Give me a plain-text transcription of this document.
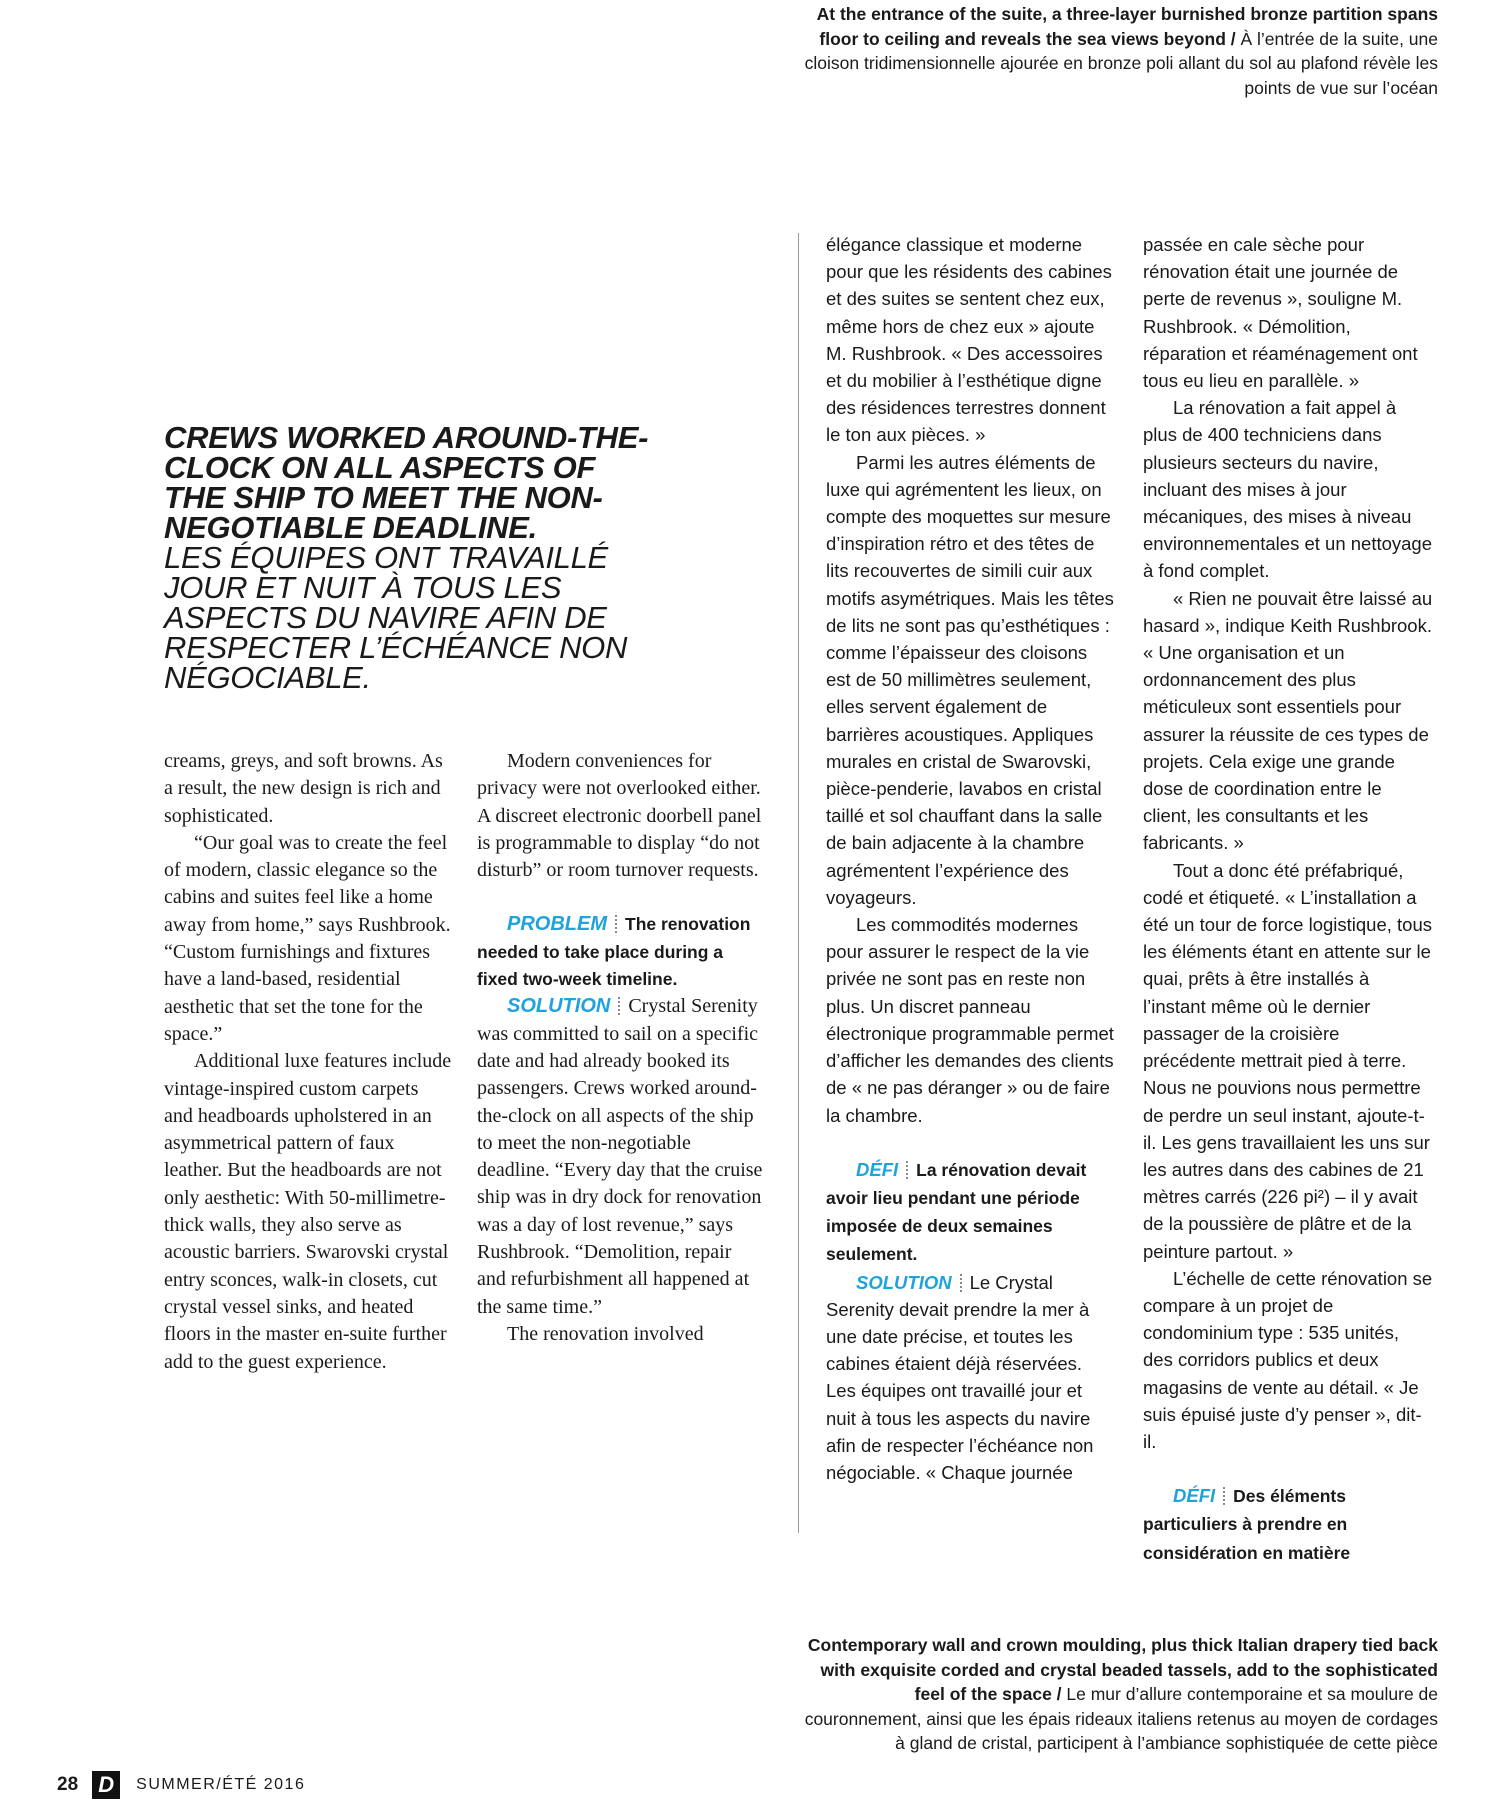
At the entrance of the suite, a three-layer burnished bronze partition spans floor to ceiling and reveals the sea views beyond / À l’entrée de la suite, une cloison tridimensionnelle ajourée en bronze poli allant du sol au plafond révèle les points de vue sur l’océan
CREWS WORKED AROUND-THE-CLOCK ON ALL ASPECTS OF THE SHIP TO MEET THE NON-NEGOTIABLE DEADLINE.
LES ÉQUIPES ONT TRAVAILLÉ JOUR ET NUIT À TOUS LES ASPECTS DU NAVIRE AFIN DE RESPECTER L’ÉCHÉANCE NON NÉGOCIABLE.

creams, greys, and soft browns. As a result, the new design is rich and sophisticated.

“Our goal was to create the feel of modern, classic elegance so the cabins and suites feel like a home away from home,” says Rushbrook. “Custom furnishings and fixtures have a land-based, residential aesthetic that set the tone for the space.”

Additional luxe features include vintage-inspired custom carpets and headboards upholstered in an asymmetrical pattern of faux leather. But the headboards are not only aesthetic: With 50-millimetre-thick walls, they also serve as acoustic barriers. Swarovski crystal entry sconces, walk-in closets, cut crystal vessel sinks, and heated floors in the master en-suite further add to the guest experience.

Modern conveniences for privacy were not overlooked either. A discreet electronic doorbell panel is programmable to display “do not disturb” or room turnover requests.

PROBLEM The renovation needed to take place during a fixed two-week timeline.

SOLUTION Crystal Serenity was committed to sail on a specific date and had already booked its passengers. Crews worked around-the-clock on all aspects of the ship to meet the non-negotiable deadline. “Every day that the cruise ship was in dry dock for renovation was a day of lost revenue,” says Rushbrook. “Demolition, repair and refurbishment all happened at the same time.”

The renovation involved

élégance classique et moderne pour que les résidents des cabines et des suites se sentent chez eux, même hors de chez eux » ajoute M. Rushbrook. « Des accessoires et du mobilier à l’esthétique digne des résidences terrestres donnent le ton aux pièces. »

Parmi les autres éléments de luxe qui agrémentent les lieux, on compte des moquettes sur mesure d’inspiration rétro et des têtes de lits recouvertes de simili cuir aux motifs asymétriques. Mais les têtes de lits ne sont pas qu’esthétiques : comme l’épaisseur des cloisons est de 50 millimètres seulement, elles servent également de barrières acoustiques. Appliques murales en cristal de Swarovski, pièce-penderie, lavabos en cristal taillé et sol chauffant dans la salle de bain adjacente à la chambre agrémentent l’expérience des voyageurs.

Les commodités modernes pour assurer le respect de la vie privée ne sont pas en reste non plus. Un discret panneau électronique programmable permet d’afficher les demandes des clients de « ne pas déranger » ou de faire la chambre.

DÉFI La rénovation devait avoir lieu pendant une période imposée de deux semaines seulement.

SOLUTION Le Crystal Serenity devait prendre la mer à une date précise, et toutes les cabines étaient déjà réservées. Les équipes ont travaillé jour et nuit à tous les aspects du navire afin de respecter l’échéance non négociable. « Chaque journée

passée en cale sèche pour rénovation était une journée de perte de revenus », souligne M. Rushbrook. « Démolition, réparation et réaménagement ont tous eu lieu en parallèle. »

La rénovation a fait appel à plus de 400 techniciens dans plusieurs secteurs du navire, incluant des mises à jour mécaniques, des mises à niveau environnementales et un nettoyage à fond complet.

« Rien ne pouvait être laissé au hasard », indique Keith Rushbrook. « Une organisation et un ordonnancement des plus méticuleux sont essentiels pour assurer la réussite de ces types de projets. Cela exige une grande dose de coordination entre le client, les consultants et les fabricants. »

Tout a donc été préfabriqué, codé et étiqueté. « L’installation a été un tour de force logistique, tous les éléments étant en attente sur le quai, prêts à être installés à l’instant même où le dernier passager de la croisière précédente mettrait pied à terre. Nous ne pouvions nous permettre de perdre un seul instant, ajoute-t-il. Les gens travaillaient les uns sur les autres dans des cabines de 21 mètres carrés (226 pi²) – il y avait de la poussière de plâtre et de la peinture partout. »

L’échelle de cette rénovation se compare à un projet de condominium type : 535 unités, des corridors publics et deux magasins de vente au détail. « Je suis épuisé juste d’y penser », dit-il.

DÉFI Des éléments particuliers à prendre en considération en matière

Contemporary wall and crown moulding, plus thick Italian drapery tied back with exquisite corded and crystal beaded tassels, add to the sophisticated feel of the space / Le mur d’allure contemporaine et sa moulure de couronnement, ainsi que les épais rideaux italiens retenus au moyen de cordages à gland de cristal, participent à l’ambiance sophistiquée de cette pièce
28 D	SUMMER/ÉTÉ 2016
